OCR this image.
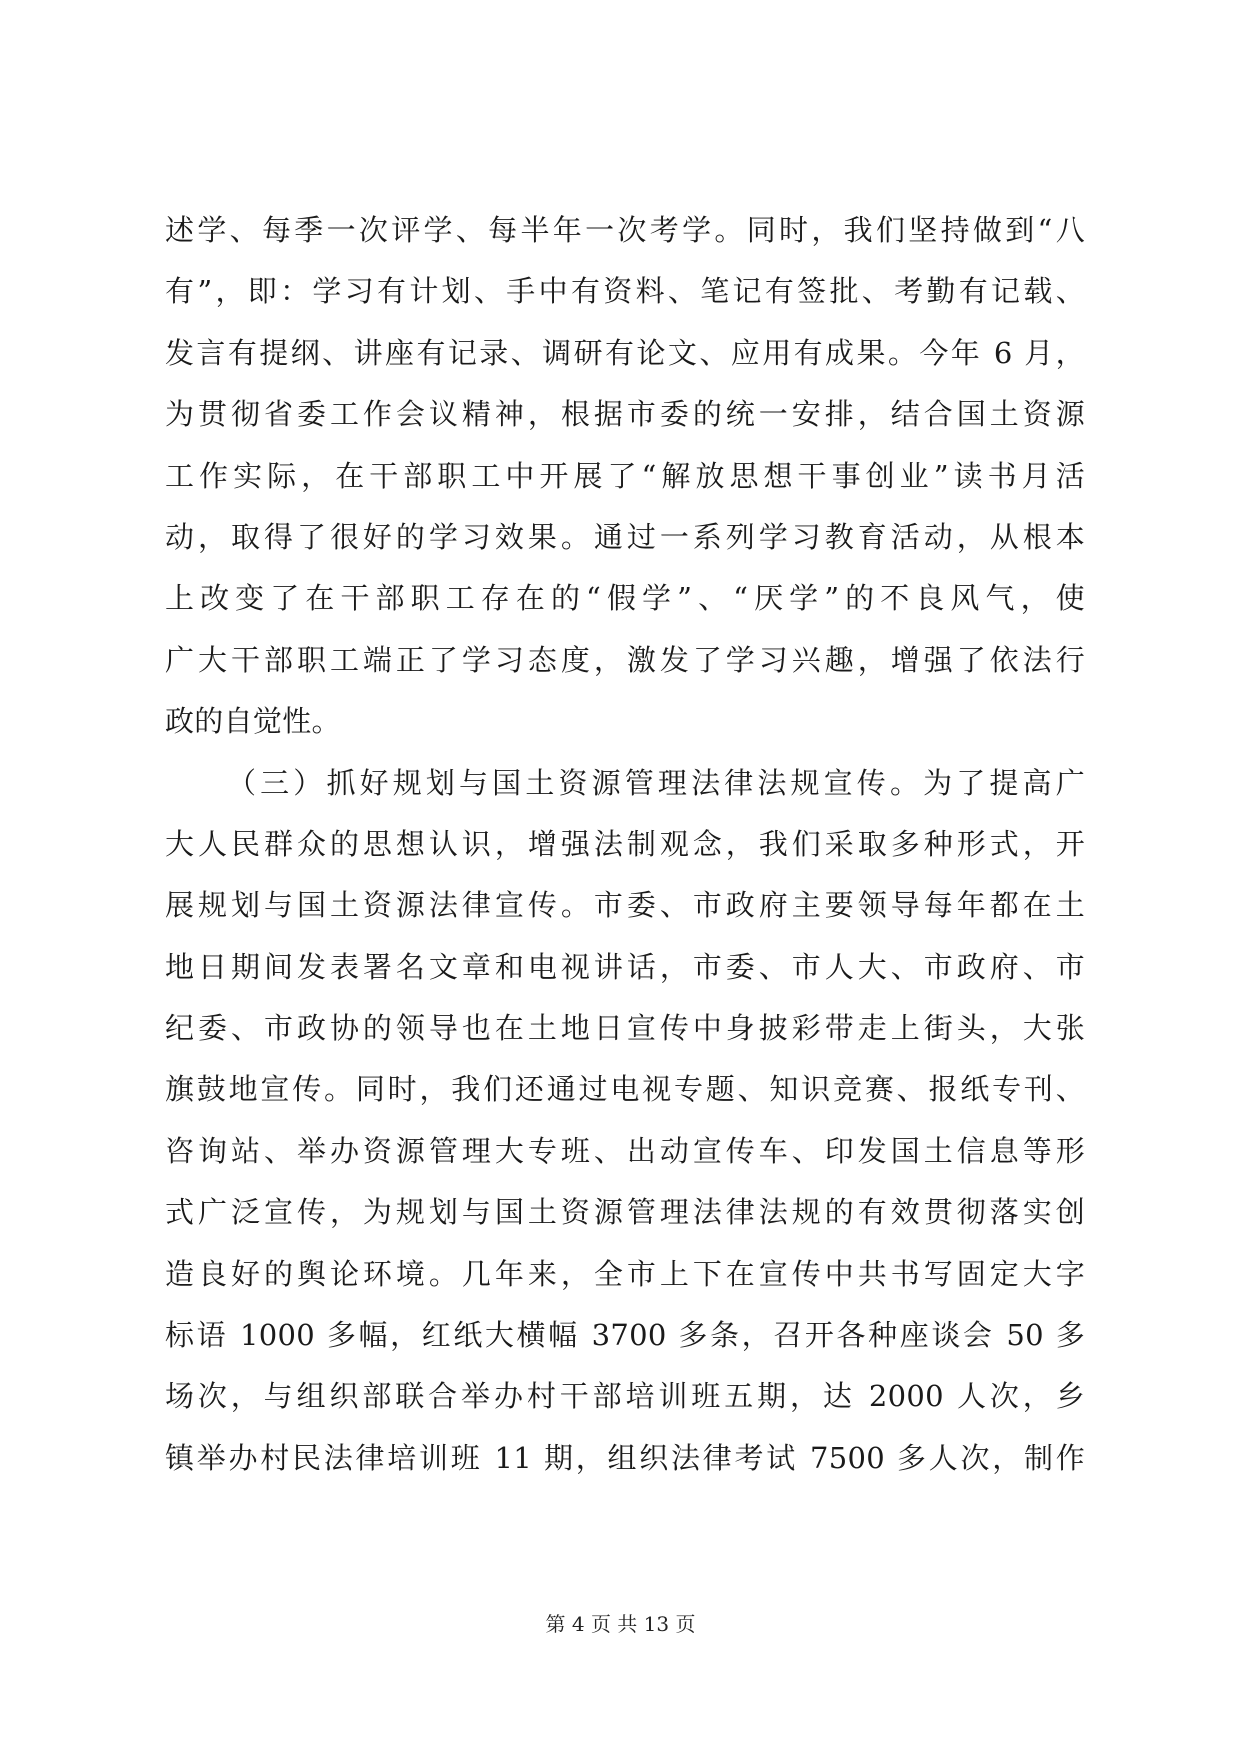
述学、每季一次评学、每半年一次考学。同时，我们坚持做到“八
有”，即：学习有计划、手中有资料、笔记有签批、考勤有记载、
发言有提纲、讲座有记录、调研有论文、应用有成果。今年 6 月，
为贯彻省委工作会议精神，根据市委的统一安排，结合国土资源
工作实际，在干部职工中开展了“解放思想干事创业”读书月活
动，取得了很好的学习效果。通过一系列学习教育活动，从根本
上改变了在干部职工存在的“假学”、“厌学”的不良风气，使
广大干部职工端正了学习态度，激发了学习兴趣，增强了依法行
政的自觉性。
（三）抓好规划与国土资源管理法律法规宣传。为了提高广
大人民群众的思想认识，增强法制观念，我们采取多种形式，开
展规划与国土资源法律宣传。市委、市政府主要领导每年都在土
地日期间发表署名文章和电视讲话，市委、市人大、市政府、市
纪委、市政协的领导也在土地日宣传中身披彩带走上街头，大张
旗鼓地宣传。同时，我们还通过电视专题、知识竞赛、报纸专刊、
咨询站、举办资源管理大专班、出动宣传车、印发国土信息等形
式广泛宣传，为规划与国土资源管理法律法规的有效贯彻落实创
造良好的舆论环境。几年来，全市上下在宣传中共书写固定大字
标语 1000 多幅，红纸大横幅 3700 多条，召开各种座谈会 50 多
场次，与组织部联合举办村干部培训班五期，达 2000 人次，乡
镇举办村民法律培训班 11 期，组织法律考试 7500 多人次，制作
第 4 页 共 13 页
